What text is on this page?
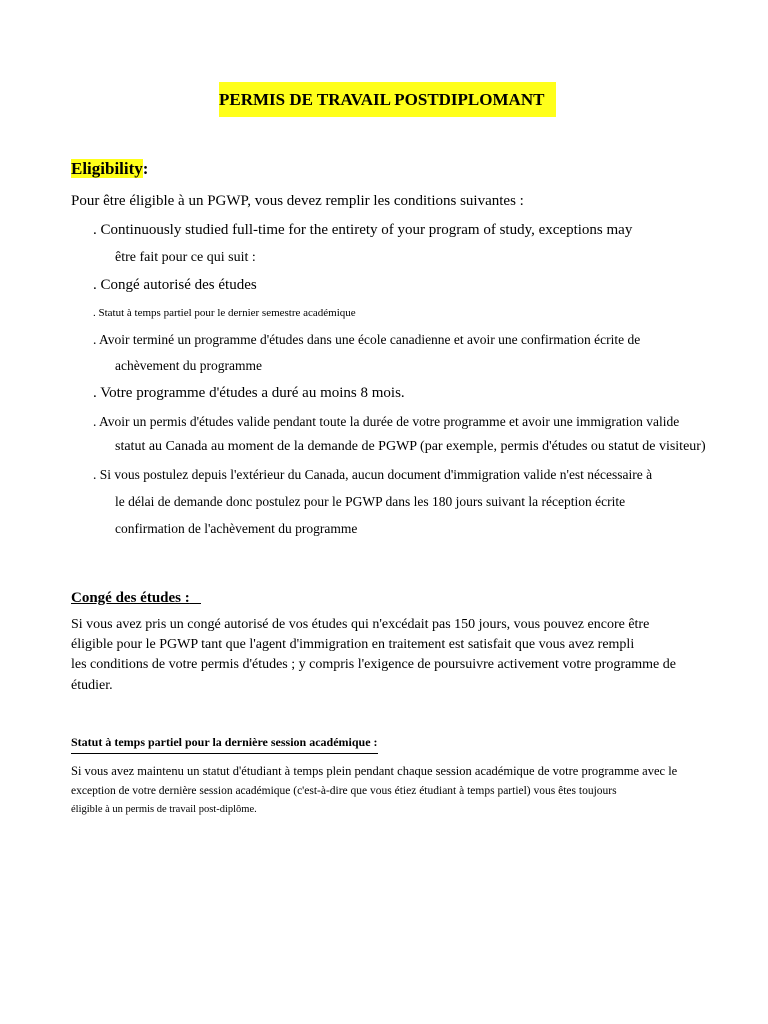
PERMIS DE TRAVAIL POSTDIPLOMANT
Eligibility:
Pour être éligible à un PGWP, vous devez remplir les conditions suivantes :
. Continuously studied full-time for the entirety of your program of study, exceptions may
être fait pour ce qui suit :
. Congé autorisé des études
. Statut à temps partiel pour le dernier semestre académique
. Avoir terminé un programme d'études dans une école canadienne et avoir une confirmation écrite de
achèvement du programme
. Votre programme d'études a duré au moins 8 mois.
. Avoir un permis d'études valide pendant toute la durée de votre programme et avoir une immigration valide
statut au Canada au moment de la demande de PGWP (par exemple, permis d'études ou statut de visiteur)
. Si vous postulez depuis l'extérieur du Canada, aucun document d'immigration valide n'est nécessaire à
le délai de demande donc postulez pour le PGWP dans les 180 jours suivant la réception écrite
confirmation de l'achèvement du programme
Congé des études :
Si vous avez pris un congé autorisé de vos études qui n'excédait pas 150 jours, vous pouvez encore être
éligible pour le PGWP tant que l'agent d'immigration en traitement est satisfait que vous avez rempli
les conditions de votre permis d'études ; y compris l'exigence de poursuivre activement votre programme de
étudier.
Statut à temps partiel pour la dernière session académique :
Si vous avez maintenu un statut d'étudiant à temps plein pendant chaque session académique de votre programme avec le
exception de votre dernière session académique (c'est-à-dire que vous étiez étudiant à temps partiel) vous êtes toujours
éligible à un permis de travail post-diplôme.
